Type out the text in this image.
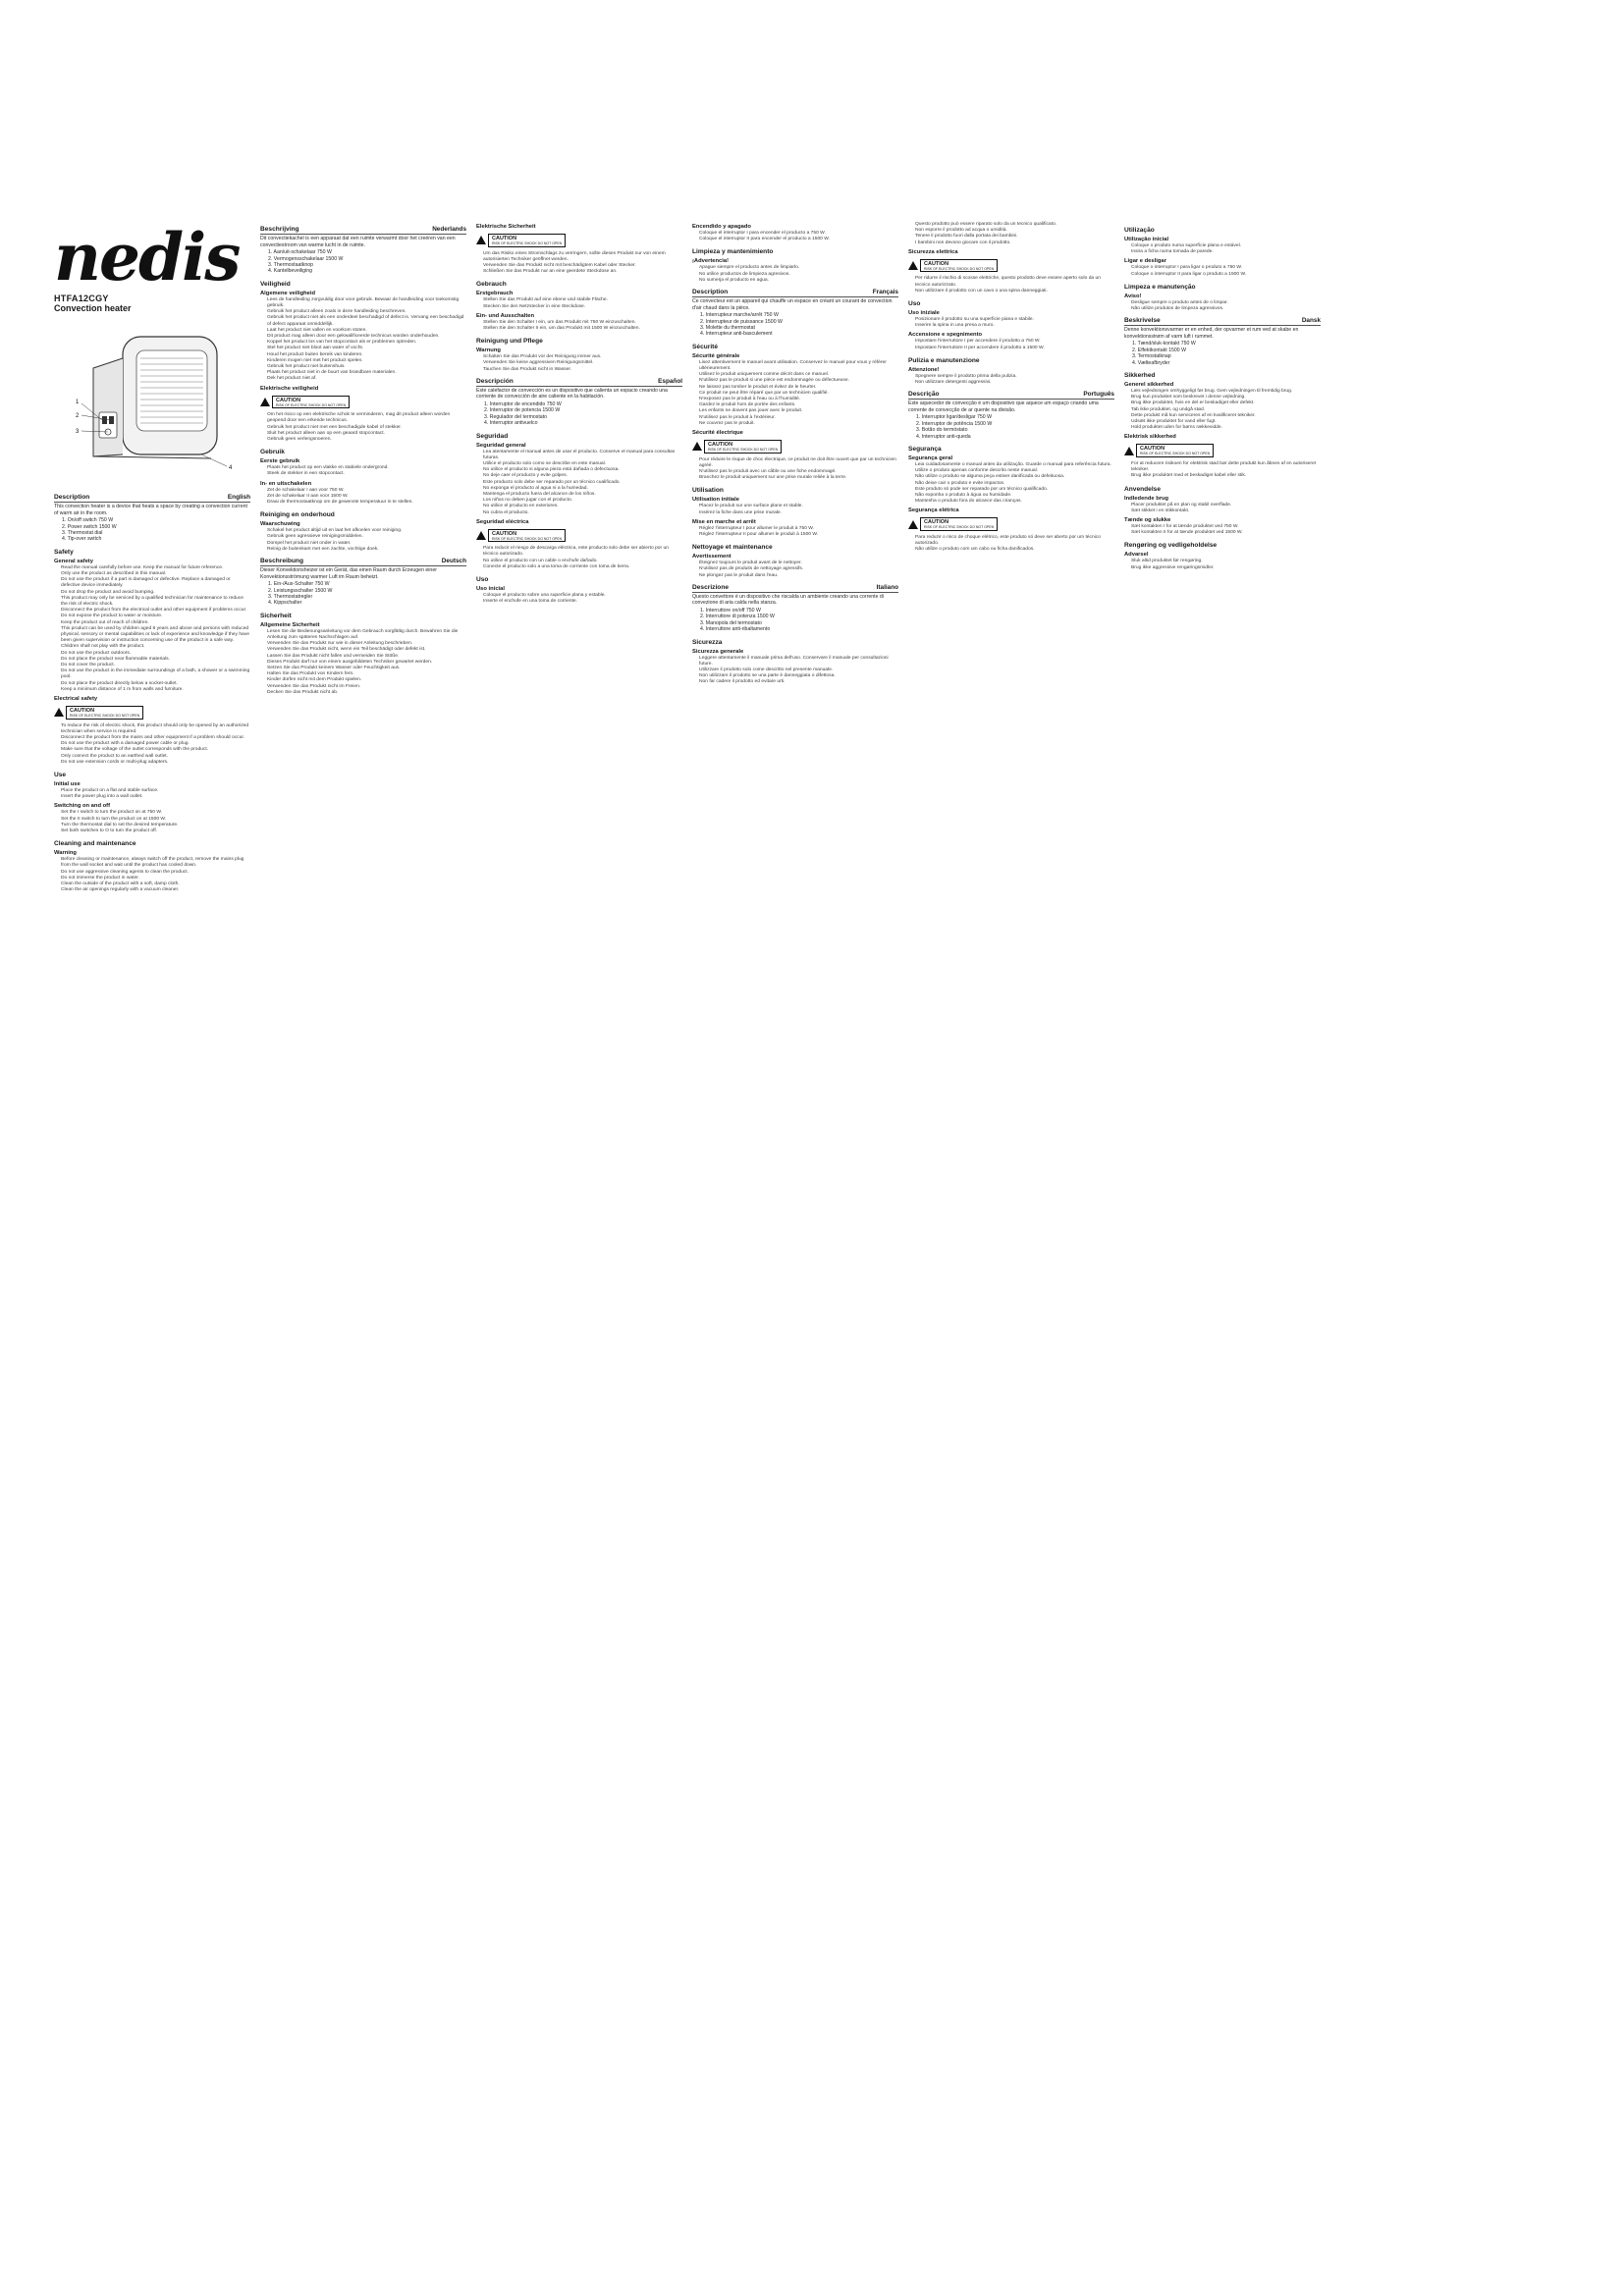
nedis
HTFA12CGY
Convection heater
1
2
3
4
Description	English

This convection heater is a device that heats a space by creating a convection current of warm air in the room.

1. On/off switch 750 W
2. Power switch 1500 W
3. Thermostat dial
4. Tip-over switch
Safety
General safety
• Read the manual carefully before use. Keep the manual for future reference.
• Only use the product as described in this manual.
• Do not use the product if a part is damaged or defective. Replace a damaged or defective device immediately.
• Do not drop the product and avoid bumping.
• This product may only be serviced by a qualified technician for maintenance to reduce the risk of electric shock.
• Disconnect the product from the electrical outlet and other equipment if problems occur.
• Do not expose the product to water or moisture.
• Keep the product out of reach of children.
• This product can be used by children aged 8 years and above and persons with reduced physical, sensory or mental capabilities or lack of experience and knowledge if they have been given supervision or instruction concerning use of the product in a safe way.
• Children shall not play with the product.
• Do not use the product outdoors.
• Do not place the product near flammable materials.
• Do not cover the product.
• Do not use the product in the immediate surroundings of a bath, a shower or a swimming pool.
• Do not place the product directly below a socket-outlet.
• Keep a minimum distance of 1 m from walls and furniture.
Electrical safety
CAUTION
RISK OF ELECTRIC SHOCK DO NOT OPEN
• To reduce the risk of electric shock, this product should only be opened by an authorized technician when service is required.
• Disconnect the product from the mains and other equipment if a problem should occur.
• Do not use the product with a damaged power cable or plug.
• Make sure that the voltage of the outlet corresponds with the product.
• Only connect the product to an earthed wall outlet.
• Do not use extension cords or multi-plug adapters.
Use
Initial use
• Place the product on a flat and stable surface.
• Insert the power plug into a wall outlet.
Switching on and off
• Set the I switch to turn the product on at 750 W.
• Set the II switch to turn the product on at 1500 W.
• Turn the thermostat dial to set the desired temperature.
• Set both switches to O to turn the product off.
Cleaning and maintenance
Warning
• Before cleaning or maintenance, always switch off the product, remove the mains plug from the wall socket and wait until the product has cooled down.
• Do not use aggressive cleaning agents to clean the product.
• Do not immerse the product in water.
• Clean the outside of the product with a soft, damp cloth.
• Clean the air openings regularly with a vacuum cleaner.
Beschrijving	Nederlands

Dit convectiekachel is een apparaat dat een ruimte verwarmt door het creëren van een convectiestroom van warme lucht in de ruimte.

1. Aan/uit-schakelaar 750 W
2. Vermogensschakelaar 1500 W
3. Thermostaatknop
4. Kantelbeveiliging
Veiligheid
Algemene veiligheid
• Lees de handleiding zorgvuldig door voor gebruik. Bewaar de handleiding voor toekomstig gebruik.
• Gebruik het product alleen zoals in deze handleiding beschreven.
• Gebruik het product niet als een onderdeel beschadigd of defect is. Vervang een beschadigd of defect apparaat onmiddellijk.
• Laat het product niet vallen en voorkom stoten.
• Dit product mag alleen door een gekwalificeerde technicus worden onderhouden.
• Koppel het product los van het stopcontact als er problemen optreden.
• Stel het product niet bloot aan water of vocht.
• Houd het product buiten bereik van kinderen.
• Kinderen mogen niet met het product spelen.
• Gebruik het product niet buitenshuis.
• Plaats het product niet in de buurt van brandbare materialen.
• Dek het product niet af.
Elektrische veiligheid
CAUTION
RISK OF ELECTRIC SHOCK DO NOT OPEN
• Om het risico op een elektrische schok te verminderen, mag dit product alleen worden geopend door een erkende technicus.
• Gebruik het product niet met een beschadigde kabel of stekker.
• Sluit het product alleen aan op een geaard stopcontact.
• Gebruik geen verlengsnoeren.
Gebruik
Eerste gebruik
• Plaats het product op een vlakke en stabiele ondergrond.
• Steek de stekker in een stopcontact.
In- en uitschakelen
• Zet de schakelaar I aan voor 750 W.
• Zet de schakelaar II aan voor 1500 W.
• Draai de thermostaatknop om de gewenste temperatuur in te stellen.
Reiniging en onderhoud
Waarschuwing
• Schakel het product altijd uit en laat het afkoelen voor reiniging.
• Gebruik geen agressieve reinigingsmiddelen.
• Dompel het product niet onder in water.
• Reinig de buitenkant met een zachte, vochtige doek.
Beschreibung	Deutsch

Dieser Konvektionsheizer ist ein Gerät, das einen Raum durch Erzeugen einer Konvektionsströmung warmer Luft im Raum beheizt.

1. Ein-/Aus-Schalter 750 W
2. Leistungsschalter 1500 W
3. Thermostatregler
4. Kippschalter
Sicherheit
Allgemeine Sicherheit
• Lesen Sie die Bedienungsanleitung vor dem Gebrauch sorgfältig durch. Bewahren Sie die Anleitung zum späteren Nachschlagen auf.
• Verwenden Sie das Produkt nur wie in dieser Anleitung beschrieben.
• Verwenden Sie das Produkt nicht, wenn ein Teil beschädigt oder defekt ist.
• Lassen Sie das Produkt nicht fallen und vermeiden Sie Stöße.
• Dieses Produkt darf nur von einem ausgebildeten Techniker gewartet werden.
• Setzen Sie das Produkt keinem Wasser oder Feuchtigkeit aus.
• Halten Sie das Produkt von Kindern fern.
• Kinder dürfen nicht mit dem Produkt spielen.
• Verwenden Sie das Produkt nicht im Freien.
• Decken Sie das Produkt nicht ab.
Elektrische Sicherheit
CAUTION
RISK OF ELECTRIC SHOCK DO NOT OPEN
• Um das Risiko eines Stromschlags zu verringern, sollte dieses Produkt nur von einem autorisierten Techniker geöffnet werden.
• Verwenden Sie das Produkt nicht mit beschädigtem Kabel oder Stecker.
• Schließen Sie das Produkt nur an eine geerdete Steckdose an.
Gebrauch
Erstgebrauch
• Stellen Sie das Produkt auf eine ebene und stabile Fläche.
• Stecken Sie den Netzstecker in eine Steckdose.
Ein- und Ausschalten
• Stellen Sie den Schalter I ein, um das Produkt mit 750 W einzuschalten.
• Stellen Sie den Schalter II ein, um das Produkt mit 1500 W einzuschalten.
Reinigung und Pflege
Warnung
• Schalten Sie das Produkt vor der Reinigung immer aus.
• Verwenden Sie keine aggressiven Reinigungsmittel.
• Tauchen Sie das Produkt nicht in Wasser.
Descripción	Español

Este calefactor de convección es un dispositivo que calienta un espacio creando una corriente de convección de aire caliente en la habitación.

1. Interruptor de encendido 750 W
2. Interruptor de potencia 1500 W
3. Regulador del termostato
4. Interruptor antivuelco
Seguridad
Seguridad general
• Lea atentamente el manual antes de usar el producto. Conserve el manual para consultas futuras.
• Utilice el producto solo como se describe en este manual.
• No utilice el producto si alguna pieza está dañada o defectuosa.
• No deje caer el producto y evite golpes.
• Este producto solo debe ser reparado por un técnico cualificado.
• No exponga el producto al agua ni a la humedad.
• Mantenga el producto fuera del alcance de los niños.
• Los niños no deben jugar con el producto.
• No utilice el producto en exteriores.
• No cubra el producto.
Seguridad eléctrica
CAUTION
RISK OF ELECTRIC SHOCK DO NOT OPEN
• Para reducir el riesgo de descarga eléctrica, este producto solo debe ser abierto por un técnico autorizado.
• No utilice el producto con un cable o enchufe dañado.
• Conecte el producto solo a una toma de corriente con toma de tierra.
Uso
Uso inicial
• Coloque el producto sobre una superficie plana y estable.
• Inserte el enchufe en una toma de corriente.
Encendido y apagado
• Coloque el interruptor I para encender el producto a 750 W.
• Coloque el interruptor II para encender el producto a 1500 W.
Limpieza y mantenimiento
¡Advertencia!
• Apague siempre el producto antes de limpiarlo.
• No utilice productos de limpieza agresivos.
• No sumerja el producto en agua.
Description	Français

Ce convecteur est un appareil qui chauffe un espace en créant un courant de convection d'air chaud dans la pièce.

1. Interrupteur marche/arrêt 750 W
2. Interrupteur de puissance 1500 W
3. Molette du thermostat
4. Interrupteur anti-basculement
Sécurité
Sécurité générale
• Lisez attentivement le manuel avant utilisation. Conservez le manuel pour vous y référer ultérieurement.
• Utilisez le produit uniquement comme décrit dans ce manuel.
• N'utilisez pas le produit si une pièce est endommagée ou défectueuse.
• Ne laissez pas tomber le produit et évitez de le heurter.
• Ce produit ne peut être réparé que par un technicien qualifié.
• N'exposez pas le produit à l'eau ou à l'humidité.
• Gardez le produit hors de portée des enfants.
• Les enfants ne doivent pas jouer avec le produit.
• N'utilisez pas le produit à l'extérieur.
• Ne couvrez pas le produit.
Sécurité électrique
CAUTION
RISK OF ELECTRIC SHOCK DO NOT OPEN
• Pour réduire le risque de choc électrique, ce produit ne doit être ouvert que par un technicien agréé.
• N'utilisez pas le produit avec un câble ou une fiche endommagé.
• Branchez le produit uniquement sur une prise murale reliée à la terre.
Utilisation
Utilisation initiale
• Placez le produit sur une surface plane et stable.
• Insérez la fiche dans une prise murale.
Mise en marche et arrêt
• Réglez l'interrupteur I pour allumer le produit à 750 W.
• Réglez l'interrupteur II pour allumer le produit à 1500 W.
Nettoyage et maintenance
Avertissement
• Éteignez toujours le produit avant de le nettoyer.
• N'utilisez pas de produits de nettoyage agressifs.
• Ne plongez pas le produit dans l'eau.
Descrizione	Italiano

Questo convettore è un dispositivo che riscalda un ambiente creando una corrente di convezione di aria calda nella stanza.

1. Interruttore on/off 750 W
2. Interruttore di potenza 1500 W
3. Manopola del termostato
4. Interruttore anti-ribaltamento
Sicurezza
Sicurezza generale
• Leggere attentamente il manuale prima dell'uso. Conservare il manuale per consultazioni future.
• Utilizzare il prodotto solo come descritto nel presente manuale.
• Non utilizzare il prodotto se una parte è danneggiata o difettosa.
• Non far cadere il prodotto ed evitare urti.
• Questo prodotto può essere riparato solo da un tecnico qualificato.
• Non esporre il prodotto ad acqua o umidità.
• Tenere il prodotto fuori dalla portata dei bambini.
• I bambini non devono giocare con il prodotto.
Sicurezza elettrica
CAUTION
RISK OF ELECTRIC SHOCK DO NOT OPEN
• Per ridurre il rischio di scosse elettriche, questo prodotto deve essere aperto solo da un tecnico autorizzato.
• Non utilizzare il prodotto con un cavo o una spina danneggiati.
Uso
Uso iniziale
• Posizionare il prodotto su una superficie piana e stabile.
• Inserire la spina in una presa a muro.
Accensione e spegnimento
• Impostare l'interruttore I per accendere il prodotto a 750 W.
• Impostare l'interruttore II per accendere il prodotto a 1500 W.
Pulizia e manutenzione
Attenzione!
• Spegnere sempre il prodotto prima della pulizia.
• Non utilizzare detergenti aggressivi.
Descrição	Português

Este aquecedor de convecção é um dispositivo que aquece um espaço criando uma corrente de convecção de ar quente na divisão.

1. Interruptor ligar/desligar 750 W
2. Interruptor de potência 1500 W
3. Botão do termóstato
4. Interruptor anti-queda
Segurança
Segurança geral
• Leia cuidadosamente o manual antes da utilização. Guarde o manual para referência futura.
• Utilize o produto apenas conforme descrito neste manual.
• Não utilize o produto se alguma peça estiver danificada ou defeituosa.
• Não deixe cair o produto e evite impactos.
• Este produto só pode ser reparado por um técnico qualificado.
• Não exponha o produto à água ou humidade.
• Mantenha o produto fora do alcance das crianças.
Segurança elétrica
CAUTION
RISK OF ELECTRIC SHOCK DO NOT OPEN
• Para reduzir o risco de choque elétrico, este produto só deve ser aberto por um técnico autorizado.
• Não utilize o produto com um cabo ou ficha danificados.
Utilização
Utilização inicial
• Coloque o produto numa superfície plana e estável.
• Insira a ficha numa tomada de parede.
Ligar e desligar
• Coloque o interruptor I para ligar o produto a 750 W.
• Coloque o interruptor II para ligar o produto a 1500 W.
Limpeza e manutenção
Aviso!
• Desligue sempre o produto antes de o limpar.
• Não utilize produtos de limpeza agressivos.
Beskrivelse	Dansk

Denne konvektionsvarmer er en enhed, der opvarmer et rum ved at skabe en konvektionsstrøm af varm luft i rummet.

1. Tænd/sluk-kontakt 750 W
2. Effektkontakt 1500 W
3. Termostatknap
4. Vælteafbryder
Sikkerhed
Generel sikkerhed
• Læs vejledningen omhyggeligt før brug. Gem vejledningen til fremtidig brug.
• Brug kun produktet som beskrevet i denne vejledning.
• Brug ikke produktet, hvis en del er beskadiget eller defekt.
• Tab ikke produktet, og undgå stød.
• Dette produkt må kun serviceres af en kvalificeret tekniker.
• Udsæt ikke produktet for vand eller fugt.
• Hold produktet uden for børns rækkevidde.
Elektrisk sikkerhed
CAUTION
RISK OF ELECTRIC SHOCK DO NOT OPEN
• For at reducere risikoen for elektrisk stød bør dette produkt kun åbnes af en autoriseret tekniker.
• Brug ikke produktet med et beskadiget kabel eller stik.
Anvendelse
Indledende brug
• Placer produktet på en plan og stabil overflade.
• Sæt stikket i en stikkontakt.
Tænde og slukke
• Sæt kontakten I for at tænde produktet ved 750 W.
• Sæt kontakten II for at tænde produktet ved 1500 W.
Rengøring og vedligeholdelse
Advarsel
• Sluk altid produktet før rengøring.
• Brug ikke aggressive rengøringsmidler.
